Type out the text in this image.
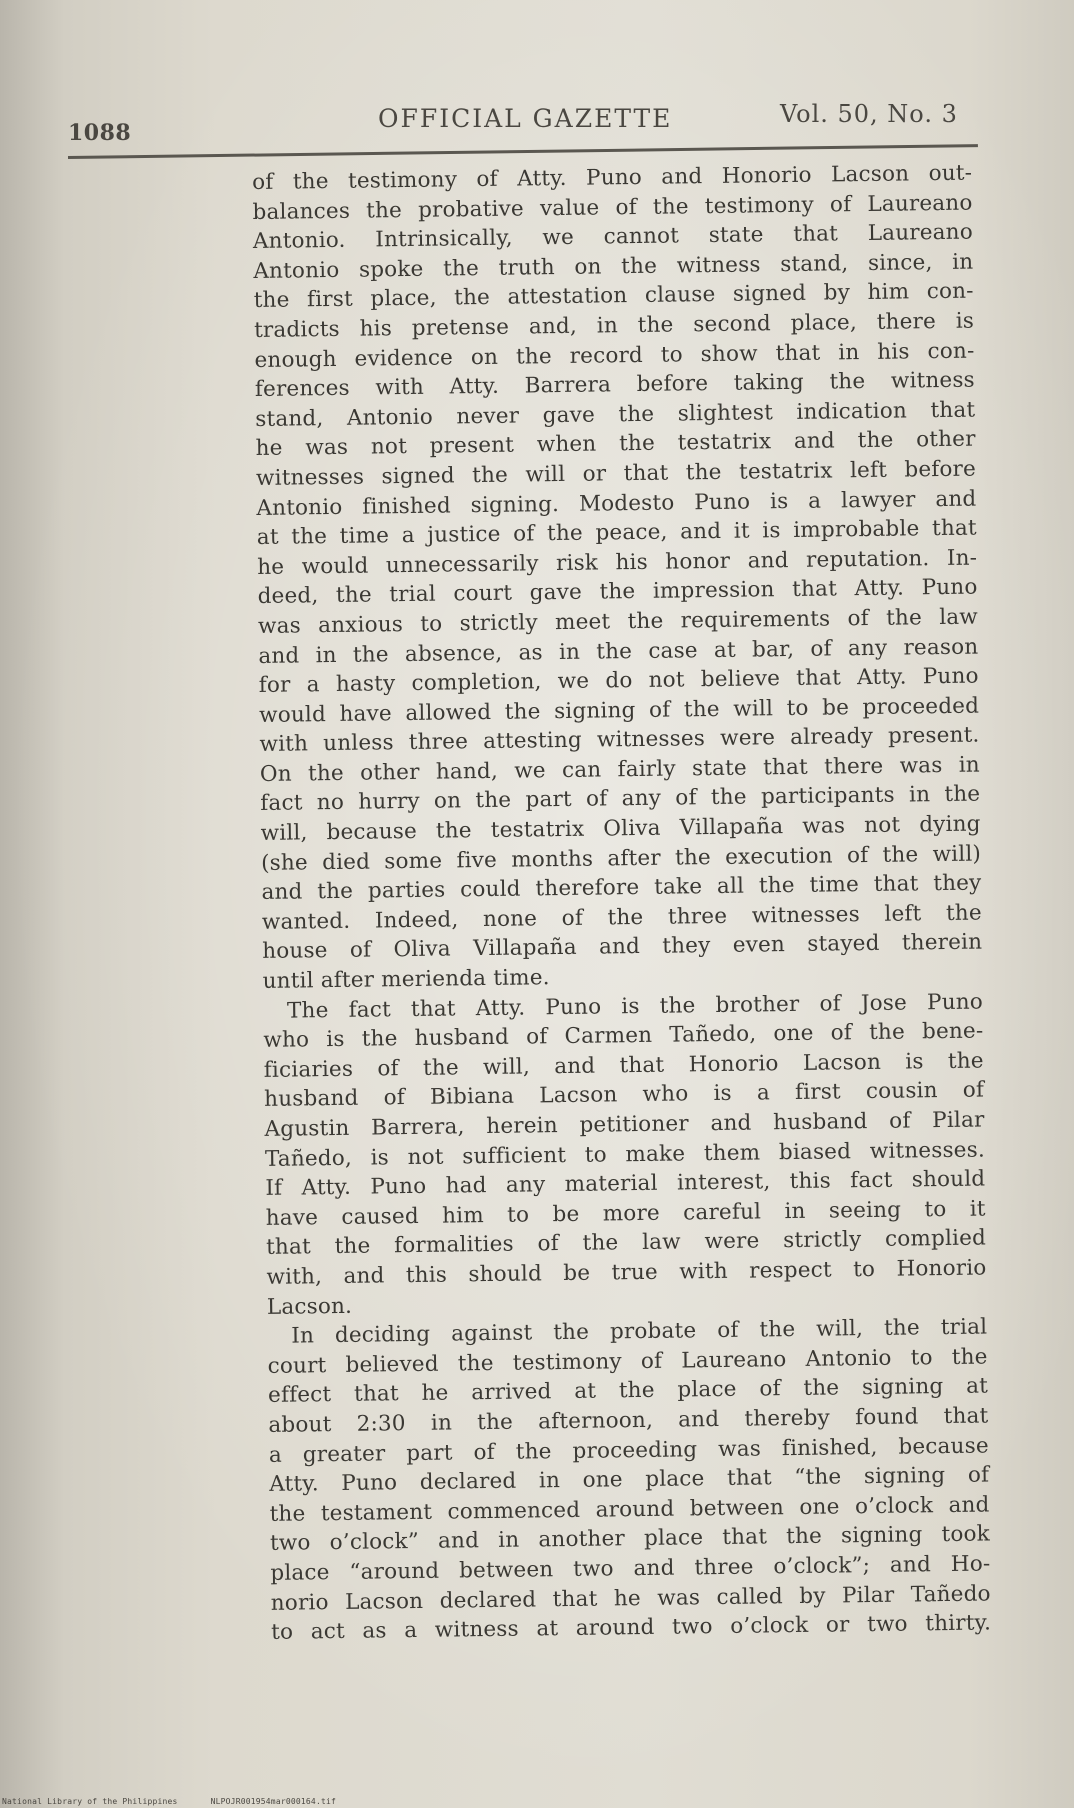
1088	OFFICIAL GAZETTE	Vol. 50, No. 3
of the testimony of Atty. Puno and Honorio Lacson out-
balances the probative value of the testimony of Laureano
Antonio. Intrinsically, we cannot state that Laureano
Antonio spoke the truth on the witness stand, since, in
the first place, the attestation clause signed by him con-
tradicts his pretense and, in the second place, there is
enough evidence on the record to show that in his con-
ferences with Atty. Barrera before taking the witness
stand, Antonio never gave the slightest indication that
he was not present when the testatrix and the other
witnesses signed the will or that the testatrix left before
Antonio finished signing. Modesto Puno is a lawyer and
at the time a justice of the peace, and it is improbable that
he would unnecessarily risk his honor and reputation. In-
deed, the trial court gave the impression that Atty. Puno
was anxious to strictly meet the requirements of the law
and in the absence, as in the case at bar, of any reason
for a hasty completion, we do not believe that Atty. Puno
would have allowed the signing of the will to be proceeded
with unless three attesting witnesses were already present.
On the other hand, we can fairly state that there was in
fact no hurry on the part of any of the participants in the
will, because the testatrix Oliva Villapaña was not dying
(she died some five months after the execution of the will)
and the parties could therefore take all the time that they
wanted. Indeed, none of the three witnesses left the
house of Oliva Villapaña and they even stayed therein
until after merienda time.
The fact that Atty. Puno is the brother of Jose Puno
who is the husband of Carmen Tañedo, one of the bene-
ficiaries of the will, and that Honorio Lacson is the
husband of Bibiana Lacson who is a first cousin of
Agustin Barrera, herein petitioner and husband of Pilar
Tañedo, is not sufficient to make them biased witnesses.
If Atty. Puno had any material interest, this fact should
have caused him to be more careful in seeing to it
that the formalities of the law were strictly complied
with, and this should be true with respect to Honorio
Lacson.
In deciding against the probate of the will, the trial
court believed the testimony of Laureano Antonio to the
effect that he arrived at the place of the signing at
about 2:30 in the afternoon, and thereby found that
a greater part of the proceeding was finished, because
Atty. Puno declared in one place that “the signing of
the testament commenced around between one o’clock and
two o’clock” and in another place that the signing took
place “around between two and three o’clock”; and Ho-
norio Lacson declared that he was called by Pilar Tañedo
to act as a witness at around two o’clock or two thirty.
National Library of the Philippines	NLPOJR001954mar000164.tif
